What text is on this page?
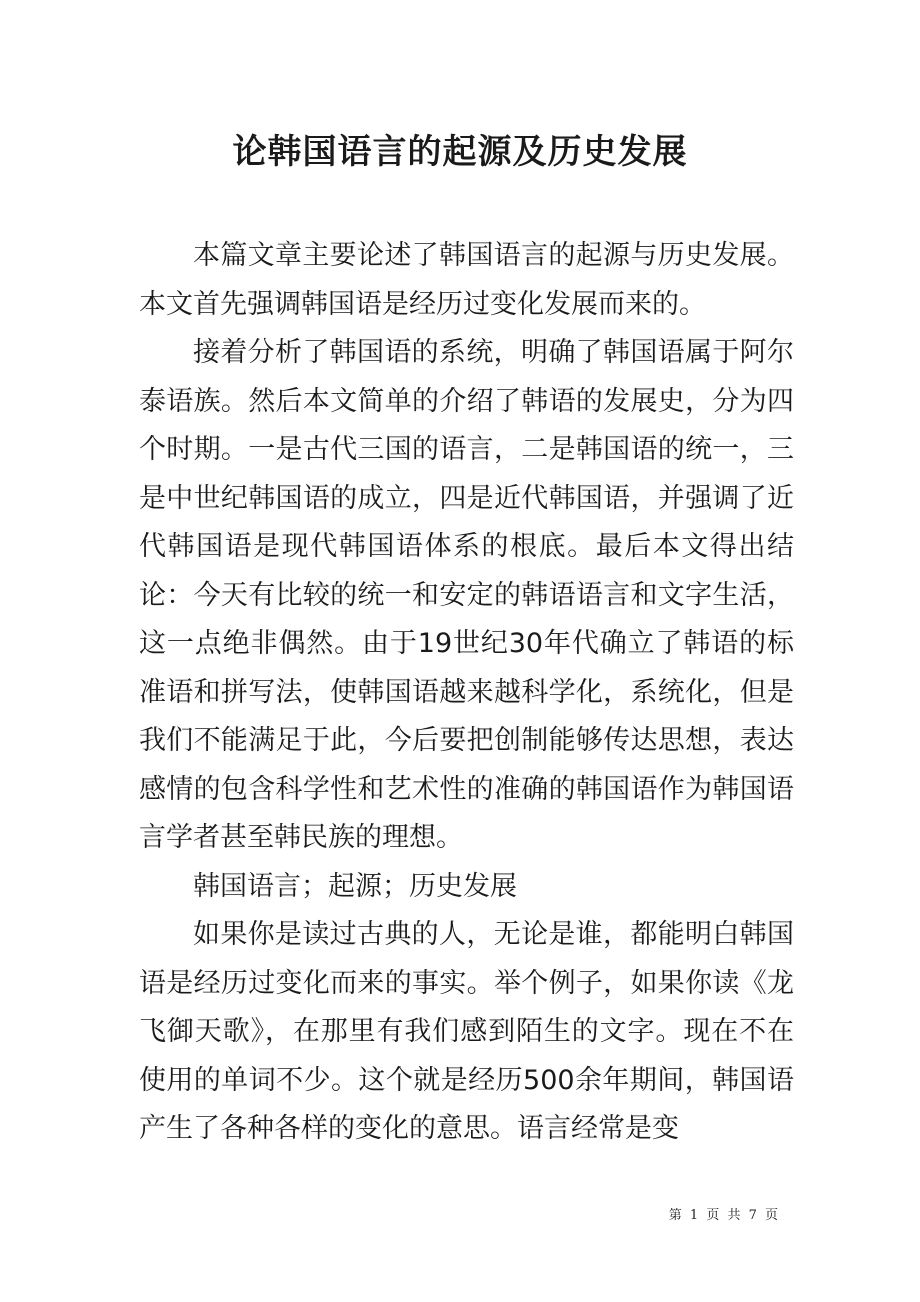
论韩国语言的起源及历史发展

本篇文章主要论述了韩国语言的起源与历史发展。本文首先强调韩国语是经历过变化发展而来的。

接着分析了韩国语的系统，明确了韩国语属于阿尔泰语族。然后本文简单的介绍了韩语的发展史，分为四个时期。一是古代三国的语言，二是韩国语的统一，三是中世纪韩国语的成立，四是近代韩国语，并强调了近代韩国语是现代韩国语体系的根底。最后本文得出结论：今天有比较的统一和安定的韩语语言和文字生活，这一点绝非偶然。由于19世纪30年代确立了韩语的标准语和拼写法，使韩国语越来越科学化，系统化，但是我们不能满足于此，今后要把创制能够传达思想，表达感情的包含科学性和艺术性的准确的韩国语作为韩国语言学者甚至韩民族的理想。

韩国语言；起源；历史发展

如果你是读过古典的人，无论是谁，都能明白韩国语是经历过变化而来的事实。举个例子，如果你读《龙飞御天歌》，在那里有我们感到陌生的文字。现在不在使用的单词不少。这个就是经历500余年期间，韩国语产生了各种各样的变化的意思。语言经常是变

第 1 页 共 7 页
